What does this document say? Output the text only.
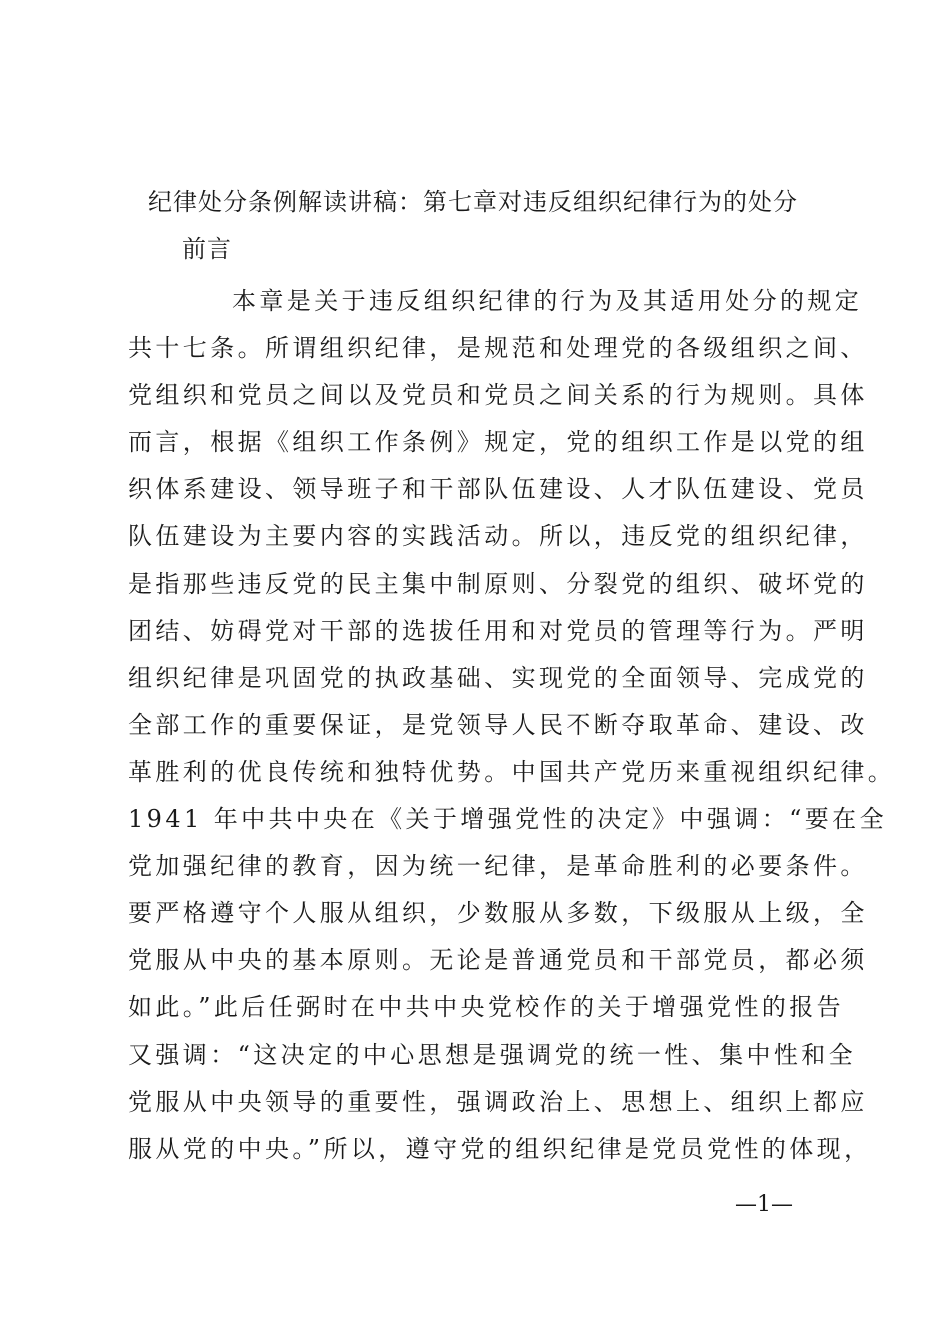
纪律处分条例解读讲稿：第七章对违反组织纪律行为的处分
前言
本章是关于违反组织纪律的行为及其适用处分的规定
共十七条。所谓组织纪律，是规范和处理党的各级组织之间、
党组织和党员之间以及党员和党员之间关系的行为规则。具体
而言，根据《组织工作条例》规定，党的组织工作是以党的组
织体系建设、领导班子和干部队伍建设、人才队伍建设、党员
队伍建设为主要内容的实践活动。所以，违反党的组织纪律，
是指那些违反党的民主集中制原则、分裂党的组织、破坏党的
团结、妨碍党对干部的选拔任用和对党员的管理等行为。严明
组织纪律是巩固党的执政基础、实现党的全面领导、完成党的
全部工作的重要保证，是党领导人民不断夺取革命、建设、改
革胜利的优良传统和独特优势。中国共产党历来重视组织纪律。
1941 年中共中央在《关于增强党性的决定》中强调：“要在全
党加强纪律的教育，因为统一纪律，是革命胜利的必要条件。
要严格遵守个人服从组织，少数服从多数，下级服从上级，全
党服从中央的基本原则。无论是普通党员和干部党员，都必须
如此。”此后任弼时在中共中央党校作的关于增强党性的报告
又强调：“这决定的中心思想是强调党的统一性、集中性和全
党服从中央领导的重要性，强调政治上、思想上、组织上都应
服从党的中央。”所以，遵守党的组织纪律是党员党性的体现，
—1—
